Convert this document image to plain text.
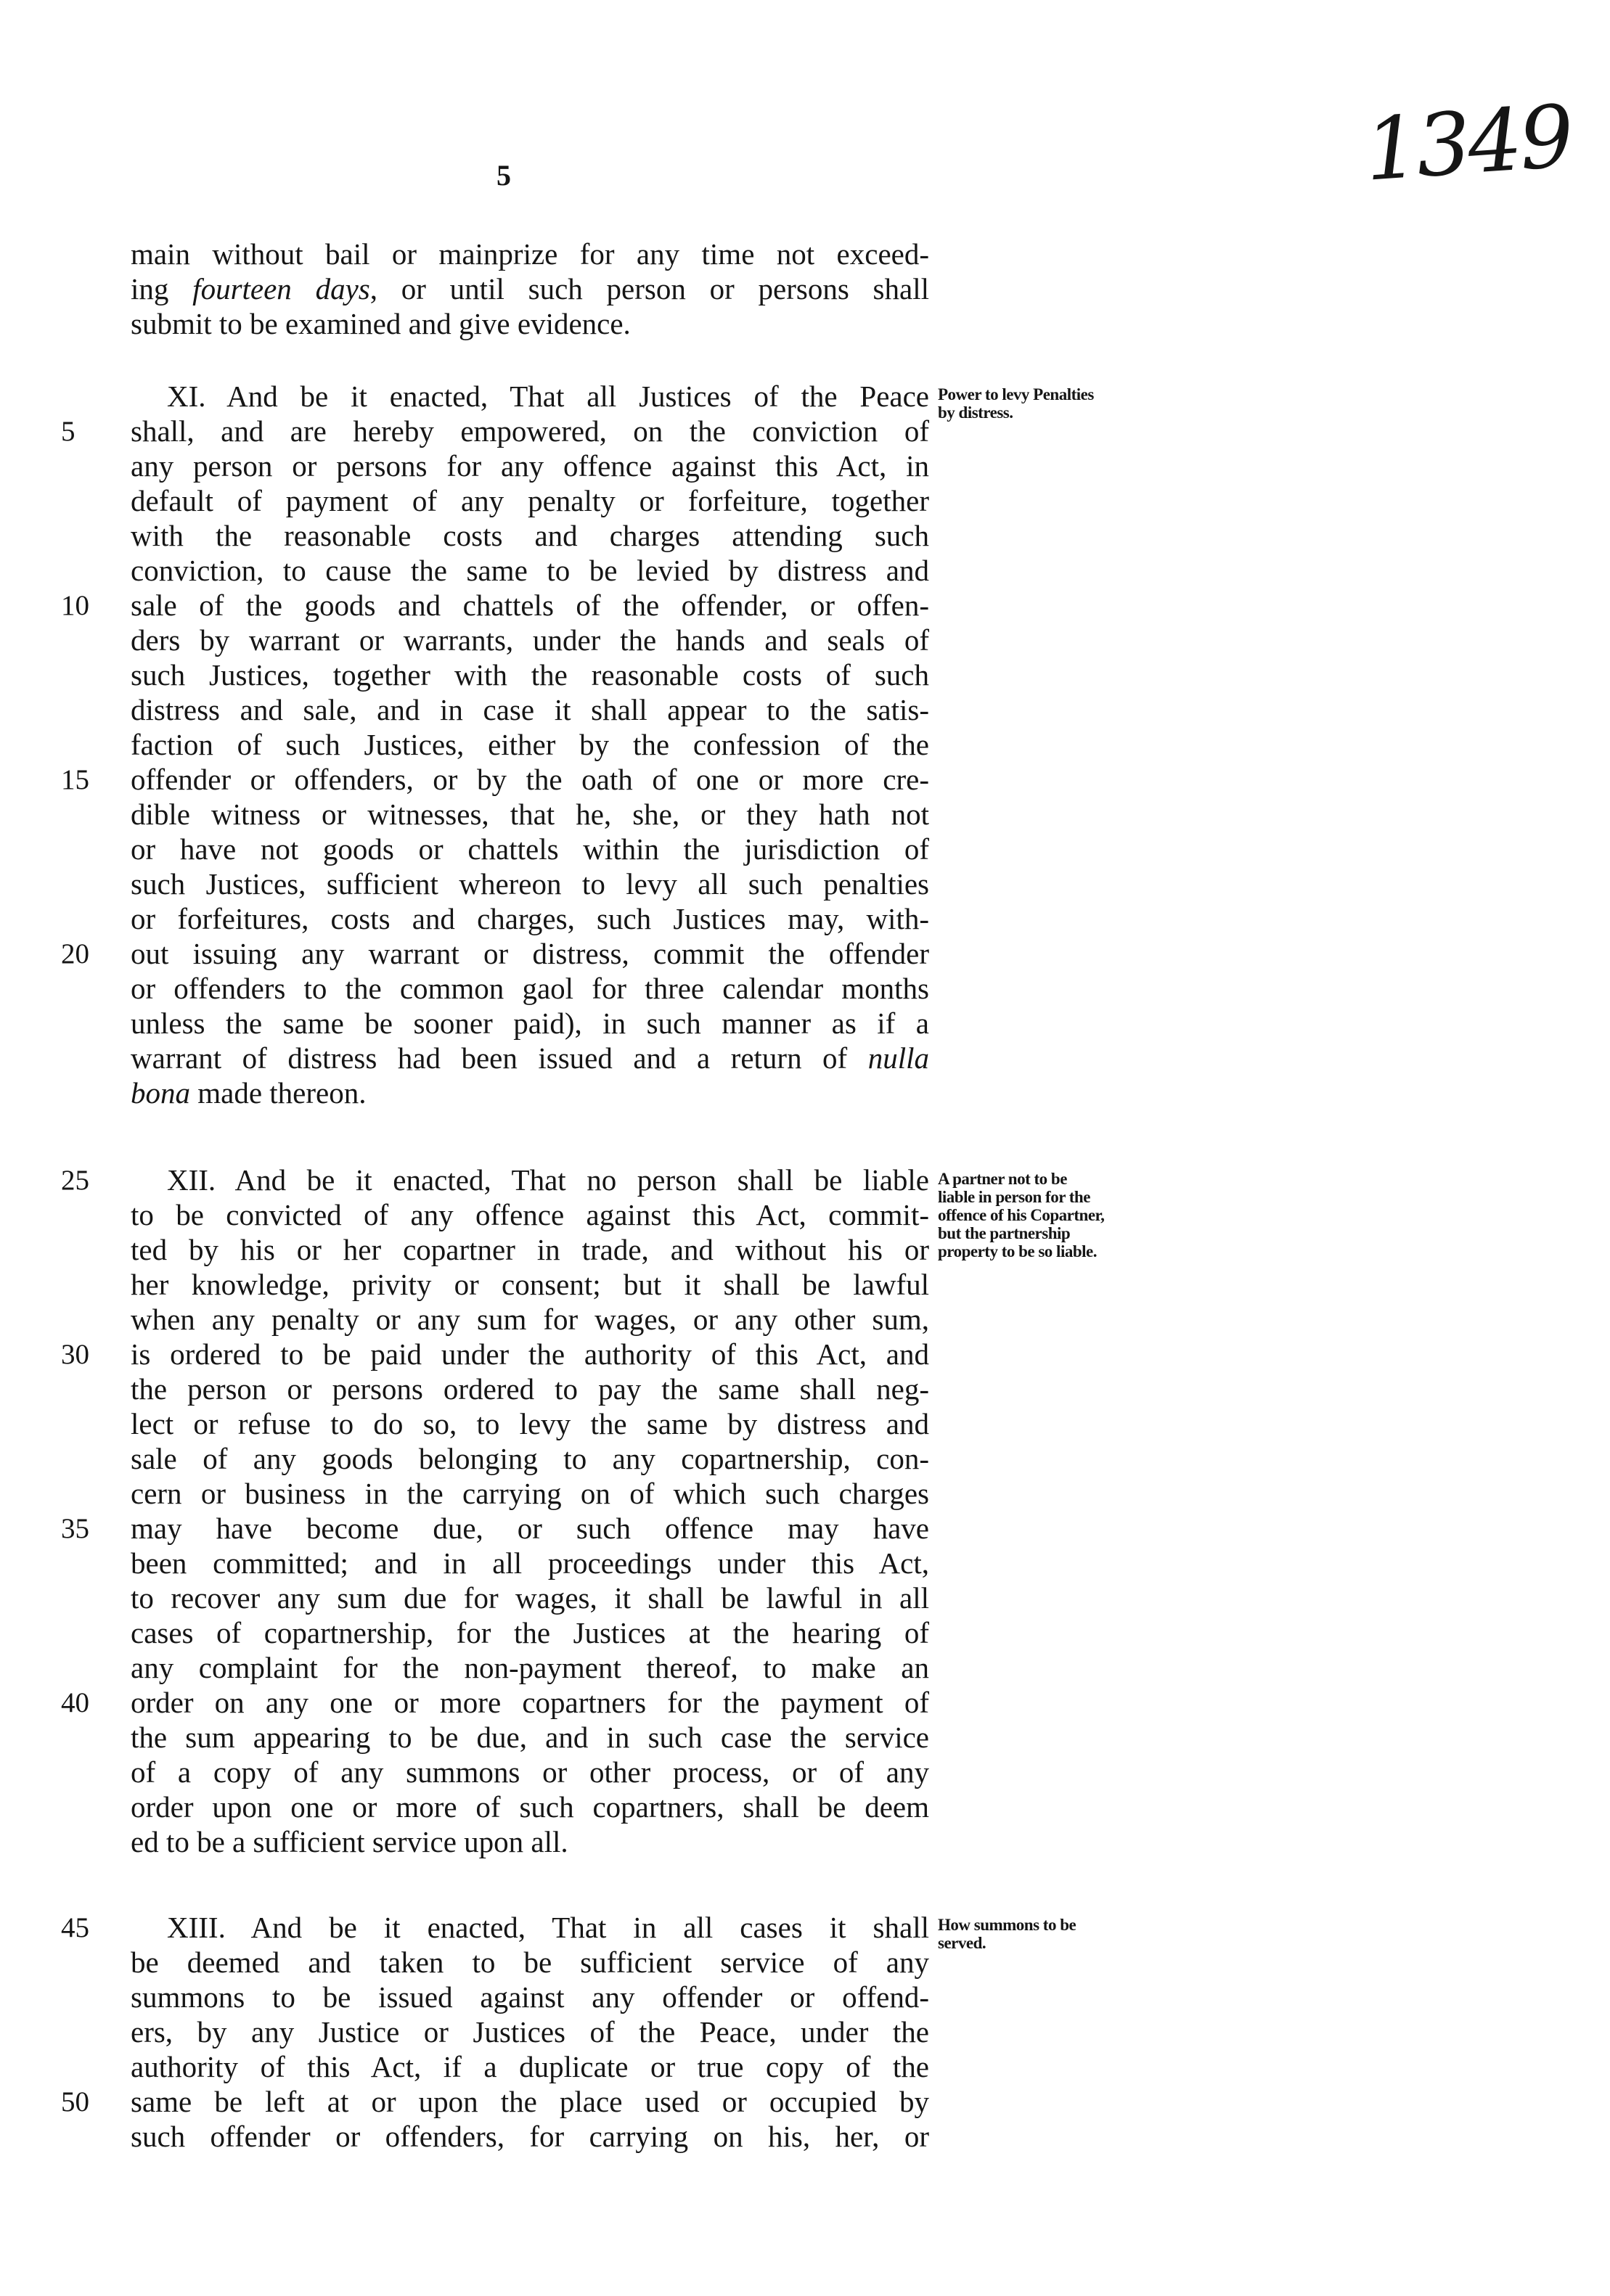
5	1349
main without bail or mainprize for any time not exceed-
ing fourteen days, or until such person or persons shall
submit to be examined and give evidence.
Power to levy Penalties by distress.
XI. And be it enacted, That all Justices of the Peace
5	shall, and are hereby empowered, on the conviction of
any person or persons for any offence against this Act, in
default of payment of any penalty or forfeiture, together
with the reasonable costs and charges attending such
conviction, to cause the same to be levied by distress and
10	sale of the goods and chattels of the offender, or offen-
ders by warrant or warrants, under the hands and seals of
such Justices, together with the reasonable costs of such
distress and sale, and in case it shall appear to the satis-
faction of such Justices, either by the confession of the
15	offender or offenders, or by the oath of one or more cre-
dible witness or witnesses, that he, she, or they hath not
or have not goods or chattels within the jurisdiction of
such Justices, sufficient whereon to levy all such penalties
or forfeitures, costs and charges, such Justices may, with-
20	out issuing any warrant or distress, commit the offender
or offenders to the common gaol for three calendar months
unless the same be sooner paid), in such manner as if a
warrant of distress had been issued and a return of nulla
bona made thereon.
A partner not to be liable in person for the offence of his Copartner, but the partnership property to be so liable.
25	XII. And be it enacted, That no person shall be liable
to be convicted of any offence against this Act, commit-
ted by his or her copartner in trade, and without his or
her knowledge, privity or consent; but it shall be lawful
when any penalty or any sum for wages, or any other sum,
30	is ordered to be paid under the authority of this Act, and
the person or persons ordered to pay the same shall neg-
lect or refuse to do so, to levy the same by distress and
sale of any goods belonging to any copartnership, con-
cern or business in the carrying on of which such charges
35	may have become due, or such offence may have
been committed; and in all proceedings under this Act,
to recover any sum due for wages, it shall be lawful in all
cases of copartnership, for the Justices at the hearing of
any complaint for the non-payment thereof, to make an
40	order on any one or more copartners for the payment of
the sum appearing to be due, and in such case the service
of a copy of any summons or other process, or of any
order upon one or more of such copartners, shall be deem
ed to be a sufficient service upon all.
How summons to be served.
45	XIII. And be it enacted, That in all cases it shall
be deemed and taken to be sufficient service of any
summons to be issued against any offender or offend-
ers, by any Justice or Justices of the Peace, under the
authority of this Act, if a duplicate or true copy of the
50	same be left at or upon the place used or occupied by
such offender or offenders, for carrying on his, her, or
